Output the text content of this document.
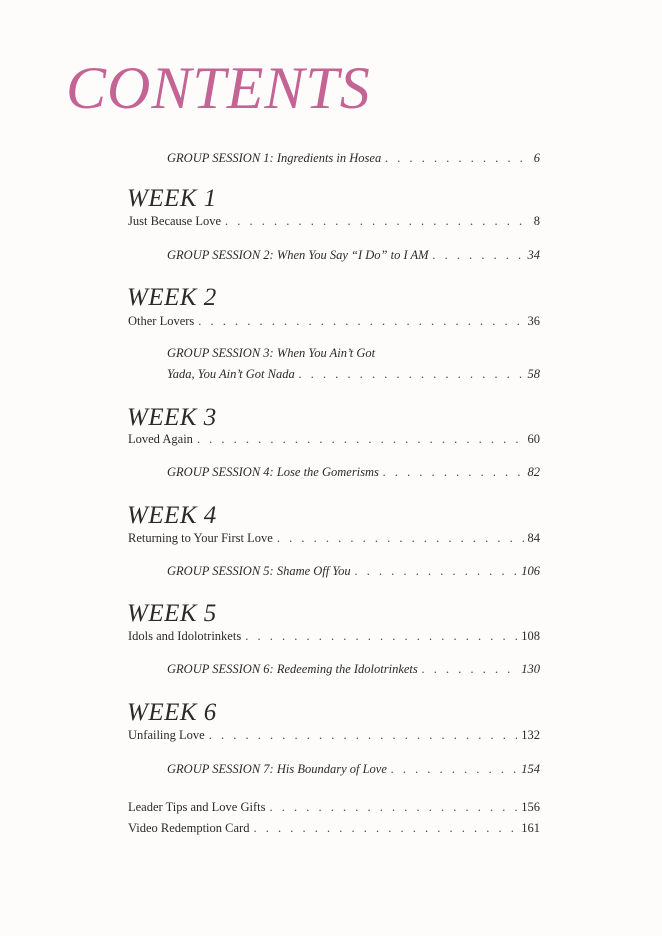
CONTENTS
GROUP SESSION 1: Ingredients in Hosea . . .	6
WEEK 1
Just Because Love . . .	8
GROUP SESSION 2: When You Say “I Do” to I AM . . .	34
WEEK 2
Other Lovers . . .	36
GROUP SESSION 3: When You Ain’t Got
Yada, You Ain’t Got Nada . . .	58
WEEK 3
Loved Again . . .	60
GROUP SESSION 4: Lose the Gomerisms . . .	82
WEEK 4
Returning to Your First Love . . .	84
GROUP SESSION 5: Shame Off You . . .	106
WEEK 5
Idols and Idolotrinkets . . .	108
GROUP SESSION 6: Redeeming the Idolotrinkets . . .	130
WEEK 6
Unfailing Love . . .	132
GROUP SESSION 7: His Boundary of Love . . .	154
Leader Tips and Love Gifts . . .	156
Video Redemption Card . . .	161
